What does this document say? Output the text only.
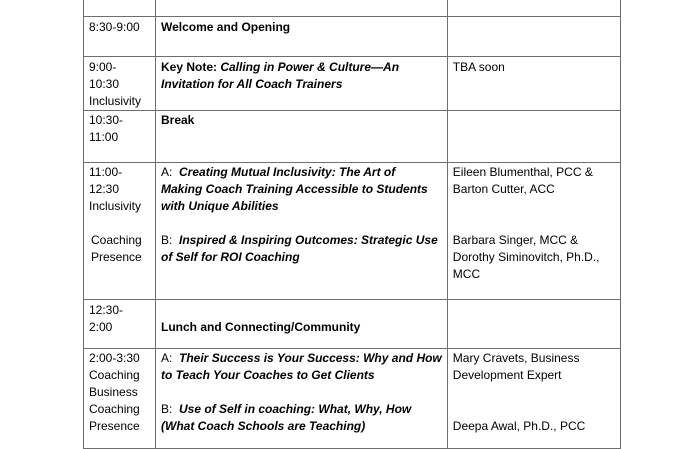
8:30-9:00	Welcome and Opening	

9:00-
10:30
Inclusivity	Key Note: Calling in Power & Culture—An
Invitation for All Coach Trainers	TBA soon

10:30-
11:00	Break	

11:00-
12:30
Inclusivity
Coaching
Presence	A:  Creating Mutual Inclusivity: The Art of
Making Coach Training Accessible to Students
with Unique Abilities
B:  Inspired & Inspiring Outcomes: Strategic Use
of Self for ROI Coaching	Eileen Blumenthal, PCC &
Barton Cutter, ACC
Barbara Singer, MCC &
Dorothy Siminovitch, Ph.D.,
MCC

12:30-
2:00	Lunch and Connecting/Community	

2:00-3:30
Coaching
Business
Coaching
Presence	A:  Their Success is Your Success: Why and How
to Teach Your Coaches to Get Clients
B:  Use of Self in coaching: What, Why, How
(What Coach Schools are Teaching)	Mary Cravets, Business
Development Expert
Deepa Awal, Ph.D., PCC
